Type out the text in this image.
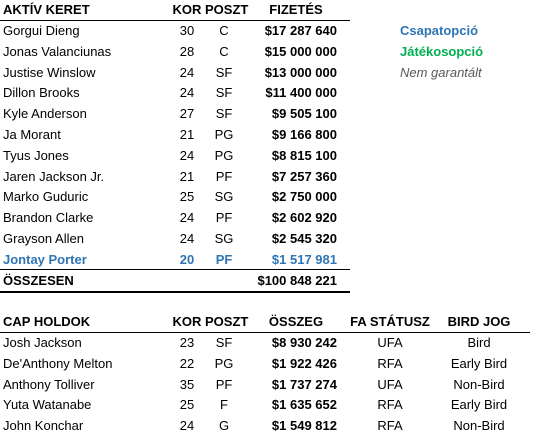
AKTÍV KERET	KOR POSZT	FIZETÉS
Gorgui Dieng	30	C	$17 287 640
Jonas Valanciunas	28	C	$15 000 000
Justise Winslow	24	SF	$13 000 000
Dillon Brooks	24	SF	$11 400 000
Kyle Anderson	27	SF	$9 505 100
Ja Morant	21	PG	$9 166 800
Tyus Jones	24	PG	$8 815 100
Jaren Jackson Jr.	21	PF	$7 257 360
Marko Guduric	25	SG	$2 750 000
Brandon Clarke	24	PF	$2 602 920
Grayson Allen	24	SG	$2 545 320
Jontay Porter	20	PF	$1 517 981
ÖSSZESEN	$100 848 221
Csapatopció
Játékosopció
Nem garantált
CAP HOLDOK	KOR POSZT	ÖSSZEG	FA STÁTUSZ	BIRD JOG
Josh Jackson	23	SF	$8 930 242	UFA	Bird
De'Anthony Melton	22	PG	$1 922 426	RFA	Early Bird
Anthony Tolliver	35	PF	$1 737 274	UFA	Non-Bird
Yuta Watanabe	25	F	$1 635 652	RFA	Early Bird
John Konchar	24	G	$1 549 812	RFA	Non-Bird
